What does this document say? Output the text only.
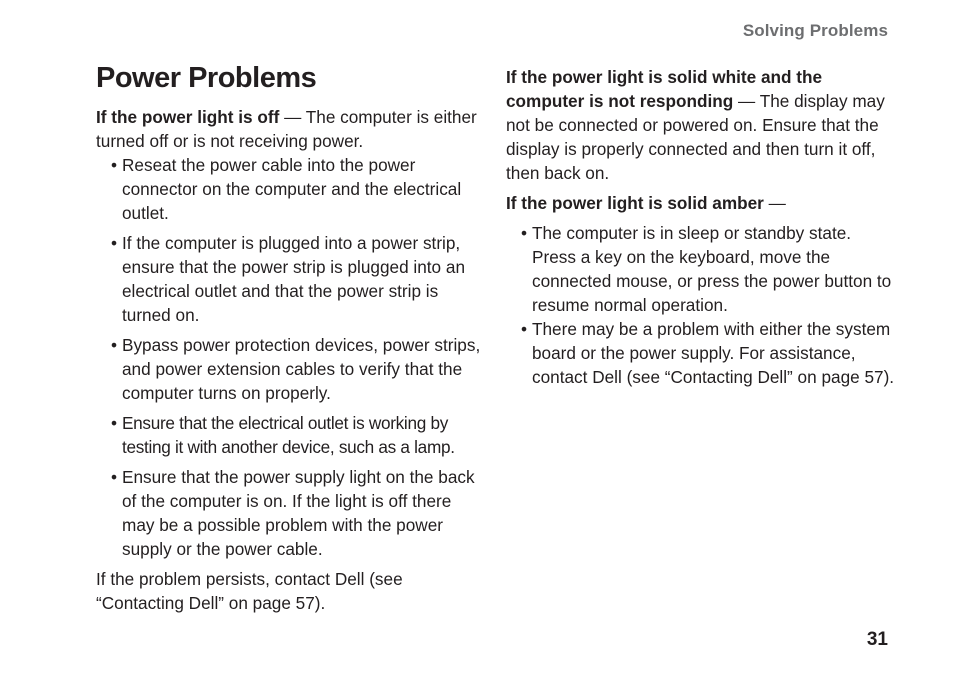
Solving Problems
Power Problems

If the power light is off — The computer is either turned off or is not receiving power.

• Reseat the power cable into the power connector on the computer and the electrical outlet.
• If the computer is plugged into a power strip, ensure that the power strip is plugged into an electrical outlet and that the power strip is turned on.
• Bypass power protection devices, power strips, and power extension cables to verify that the computer turns on properly.
• Ensure that the electrical outlet is working by testing it with another device, such as a lamp.
• Ensure that the power supply light on the back of the computer is on. If the light is off there may be a possible problem with the power supply or the power cable.

If the problem persists, contact Dell (see “Contacting Dell” on page 57).

If the power light is solid white and the computer is not responding — The display may not be connected or powered on. Ensure that the display is properly connected and then turn it off, then back on.

If the power light is solid amber —

• The computer is in sleep or standby state. Press a key on the keyboard, move the connected mouse, or press the power button to resume normal operation.
• There may be a problem with either the system board or the power supply. For assistance, contact Dell (see “Contacting Dell” on page 57).
31
